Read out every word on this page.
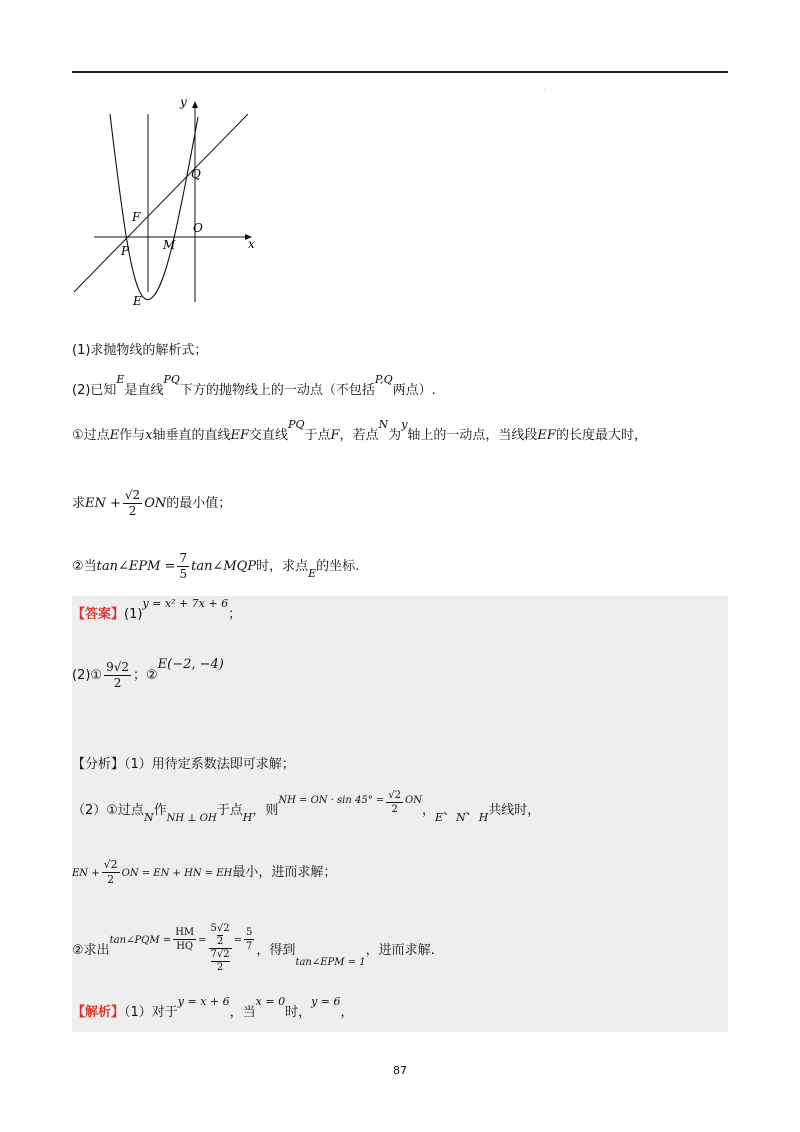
·
y
x
Q
F
O
P	M
E
(1)求抛物线的解析式；
(2)已知$^E$是直线$^{PQ}$下方的抛物线上的一动点（不包括$^{P,Q}$两点）.
①过点E作与x轴垂直的直线EF交直线$^{PQ}$于点F，若点$^N$为$^y$轴上的一动点，当线段EF的长度最大时，
求EN + $\frac{√2}{2}$ ON的最小值；
②当tan∠EPM = $\frac{7}{5}$ tan∠MQP时，求点$_E$的坐标.
【答案】$(1)^{y = x^2 + 7x + 6}$；
(2)① $\frac{9√2}{2}$ ；②E(−2, −4)
【分析】（1）用待定系数法即可求解；
（2）①过点$_N$作$_{NH \perp OH}$于点$_H$，则$^{NH = ON \cdot sin 45^\circ =} \frac{√2}{2} ^{ON}$，$_E$、$_N$、$_H$共线时，
EN + $\frac{√2}{2}$ ON = EN + HN = EH最小，进而求解；
②求出$^{tan\angle PQM =} \frac{HM}{HQ} ^=$ 5√2
2
7√2
2 $^= \frac{5}{7}$ ，得到$_{tan\angle EPM = 1}$，进而求解.
【解析】（1）对于$^{y = x + 6}$，当$^{x = 0}$时，$^{y = 6}$，
87
